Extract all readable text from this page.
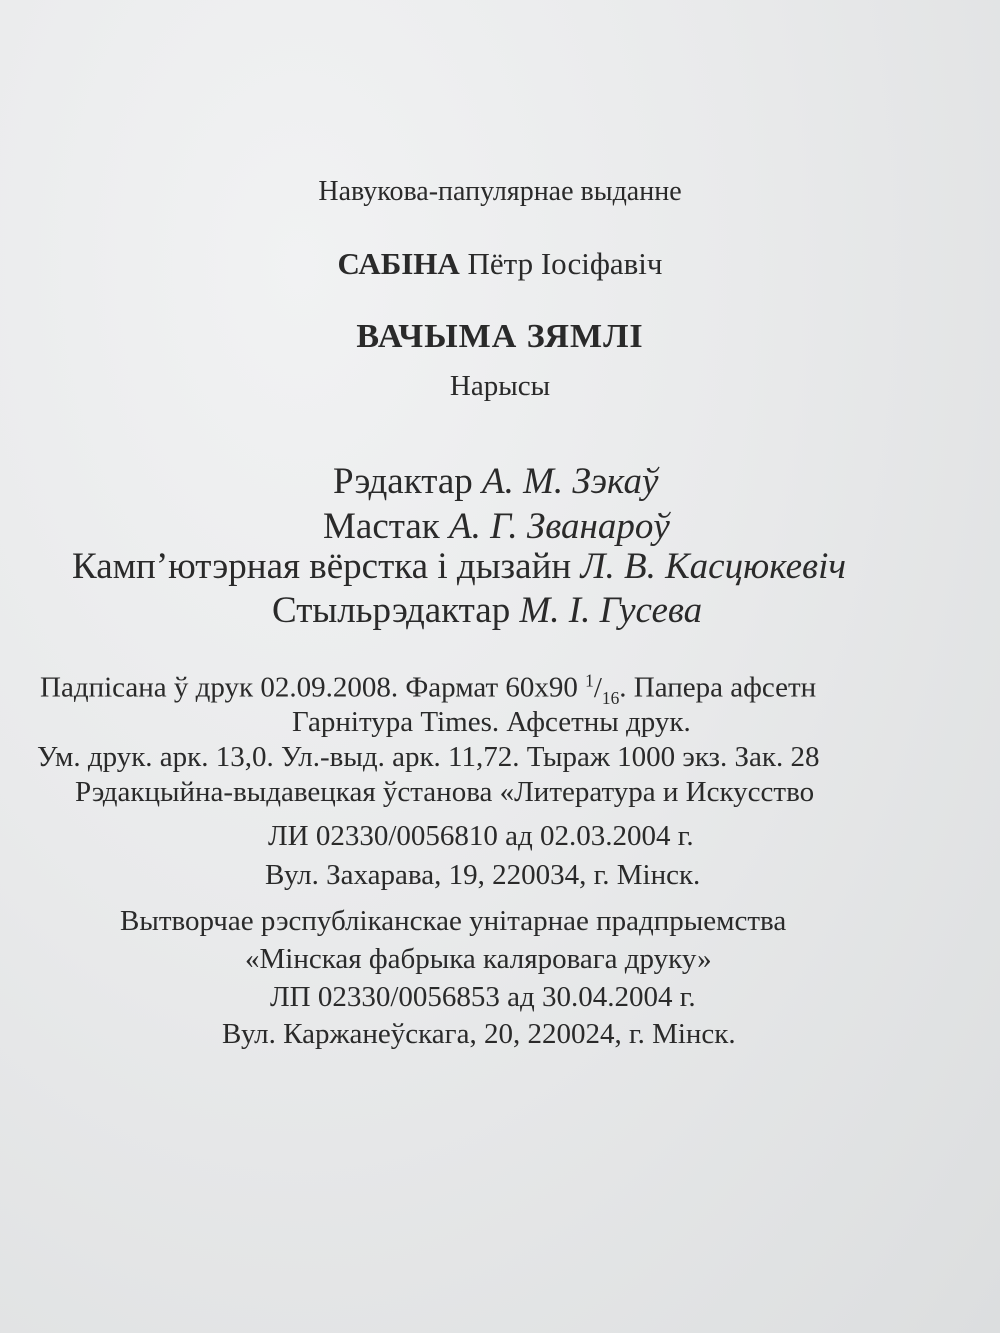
Навукова-папулярнае выданне
САБІНА Пётр Іосіфавіч
ВАЧЫМА ЗЯМЛІ
Нарысы
Рэдактар А. М. Зэкаў
Мастак А. Г. Званароў
Камп’ютэрная вёрстка і дызайн Л. В. Касцюкевіч
Стыльрэдактар М. І. Гусева
Падпісана ў друк 02.09.2008. Фармат 60х90 $^1/_{16}$. Папера афсетн
Гарнітура Times. Афсетны друк.
Ум. друк. арк. 13,0. Ул.-выд. арк. 11,72. Тыраж 1000 экз. Зак. 28
Рэдакцыйна-выдавецкая ўстанова «Литература и Искусство
ЛИ 02330/0056810 ад 02.03.2004 г.
Вул. Захарава, 19, 220034, г. Мінск.
Вытворчае рэспубліканскае унітарнае прадпрыемства
«Мінская фабрыка каляровага друку»
ЛП 02330/0056853 ад 30.04.2004 г.
Вул. Каржанеўскага, 20, 220024, г. Мінск.
